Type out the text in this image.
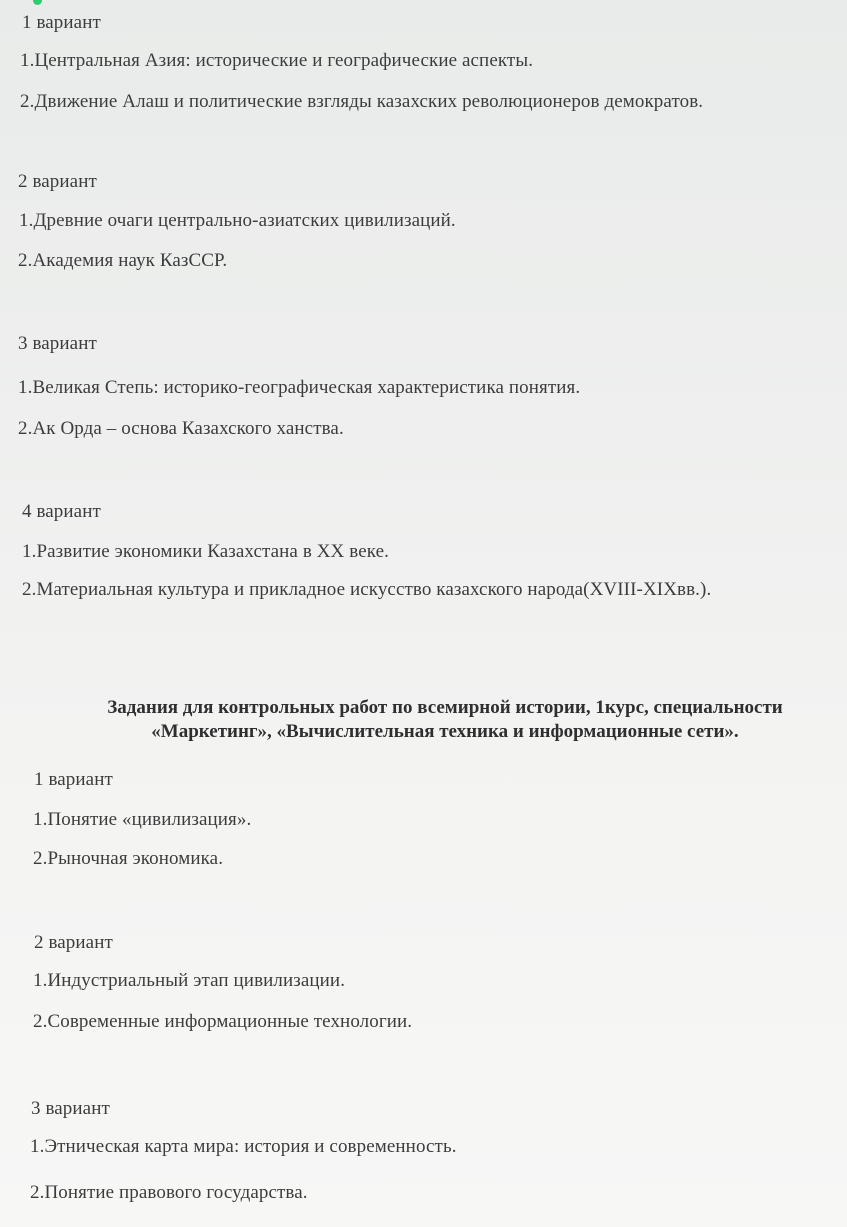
1 вариант
1.Центральная Азия: исторические и географические аспекты.
2.Движение Алаш и политические взгляды казахских революционеров демократов.
2 вариант
1.Древние очаги центрально-азиатских цивилизаций.
2.Академия наук КазССР.
3 вариант
1.Великая Степь: историко-географическая характеристика понятия.
2.Ак Орда – основа Казахского ханства.
4 вариант
1.Развитие экономики Казахстана в XX веке.
2.Материальная культура и прикладное искусство казахского народа(XVIII-XIXвв.).
Задания для контрольных работ по всемирной истории, 1курс, специальности
«Маркетинг», «Вычислительная техника и информационные сети».
1 вариант
1.Понятие «цивилизация».
2.Рыночная экономика.
2 вариант
1.Индустриальный этап цивилизации.
2.Современные информационные технологии.
3 вариант
1.Этническая карта мира: история и современность.
2.Понятие правового государства.
